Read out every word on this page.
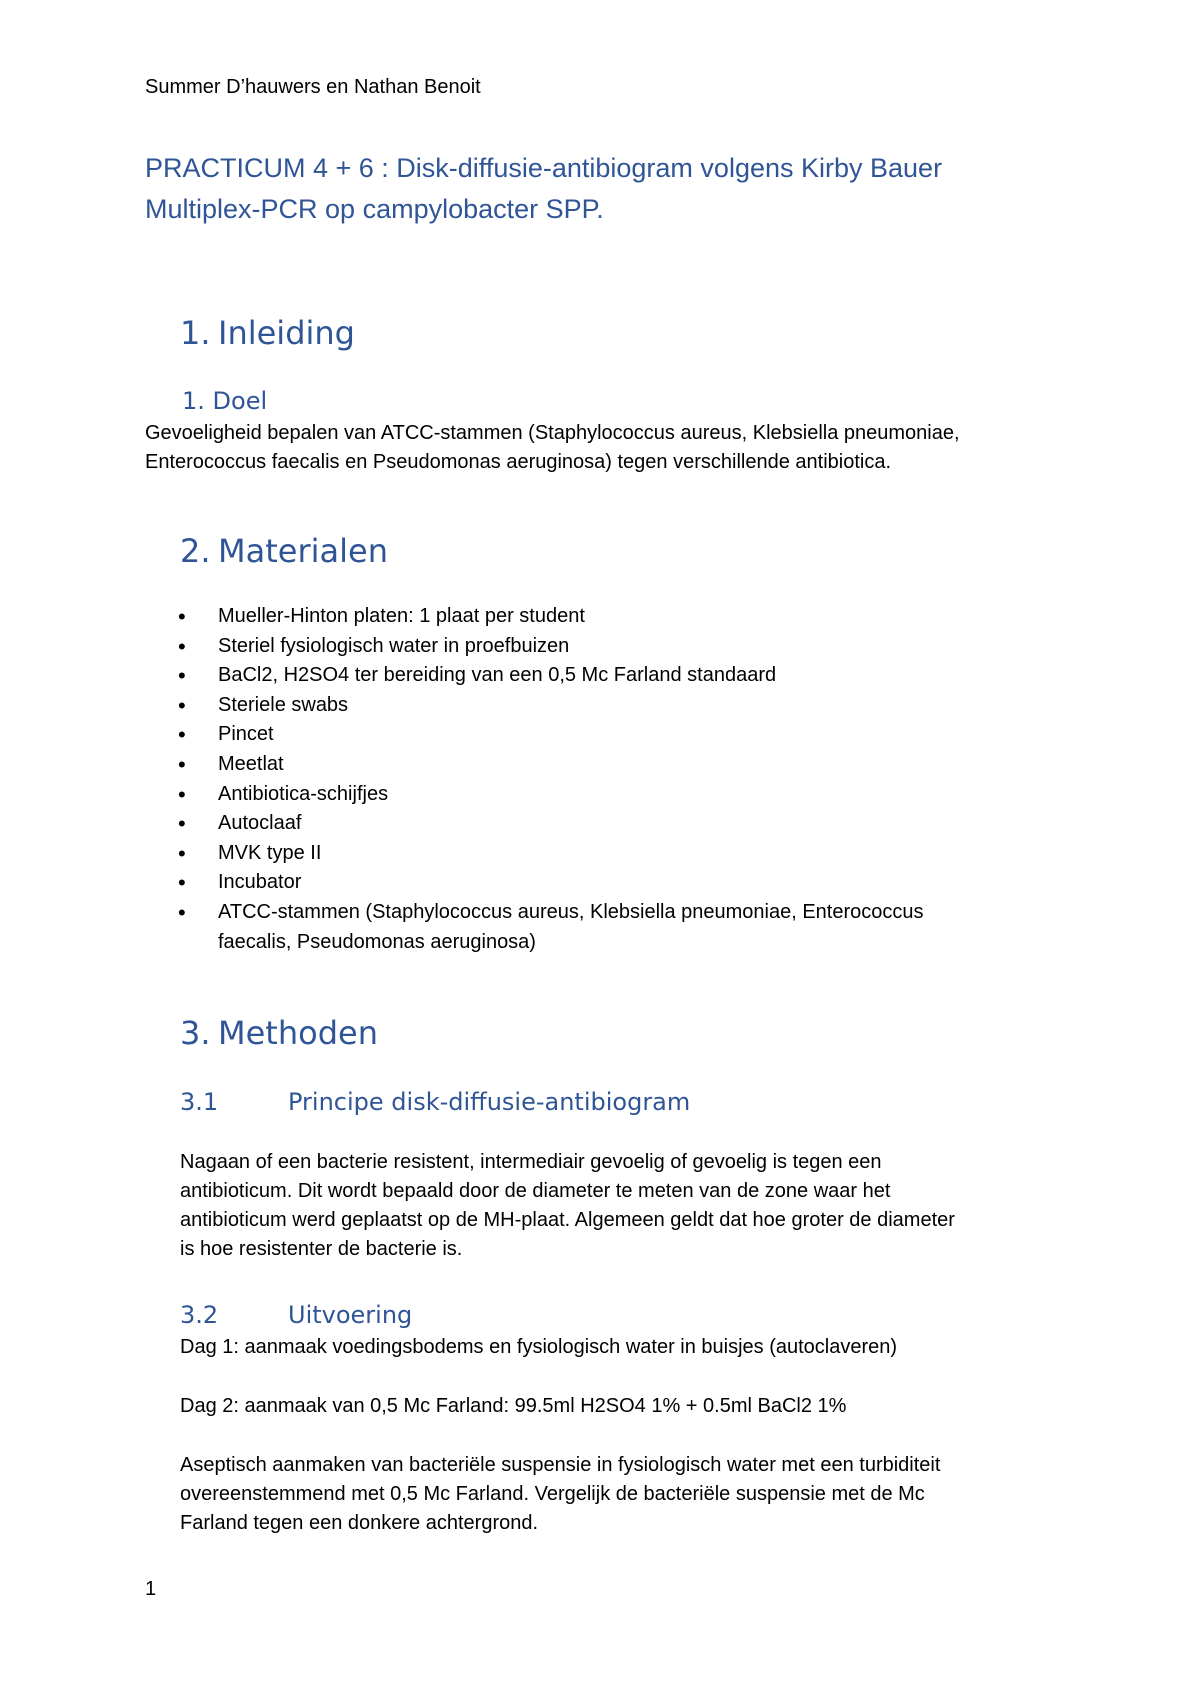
Summer D’hauwers en Nathan Benoit
PRACTICUM 4 + 6 : Disk-diffusie-antibiogram volgens Kirby Bauer
Multiplex-PCR op campylobacter SPP.
1. Inleiding
1. Doel
Gevoeligheid bepalen van ATCC-stammen (Staphylococcus aureus, Klebsiella pneumoniae,
Enterococcus faecalis en Pseudomonas aeruginosa) tegen verschillende antibiotica.
2. Materialen
• Mueller-Hinton platen: 1 plaat per student
• Steriel fysiologisch water in proefbuizen
• BaCl2, H2SO4 ter bereiding van een 0,5 Mc Farland standaard
• Steriele swabs
• Pincet
• Meetlat
• Antibiotica-schijfjes
• Autoclaaf
• MVK type II
• Incubator
• ATCC-stammen (Staphylococcus aureus, Klebsiella pneumoniae, Enterococcus faecalis, Pseudomonas aeruginosa)
3. Methoden
3.1	Principe disk-diffusie-antibiogram
Nagaan of een bacterie resistent, intermediair gevoelig of gevoelig is tegen een
antibioticum. Dit wordt bepaald door de diameter te meten van de zone waar het
antibioticum werd geplaatst op de MH-plaat. Algemeen geldt dat hoe groter de diameter
is hoe resistenter de bacterie is.
3.2	Uitvoering
Dag 1: aanmaak voedingsbodems en fysiologisch water in buisjes (autoclaveren)
Dag 2: aanmaak van 0,5 Mc Farland: 99.5ml H2SO4 1% + 0.5ml BaCl2 1%
Aseptisch aanmaken van bacteriële suspensie in fysiologisch water met een turbiditeit
overeenstemmend met 0,5 Mc Farland. Vergelijk de bacteriële suspensie met de Mc
Farland tegen een donkere achtergrond.
1
